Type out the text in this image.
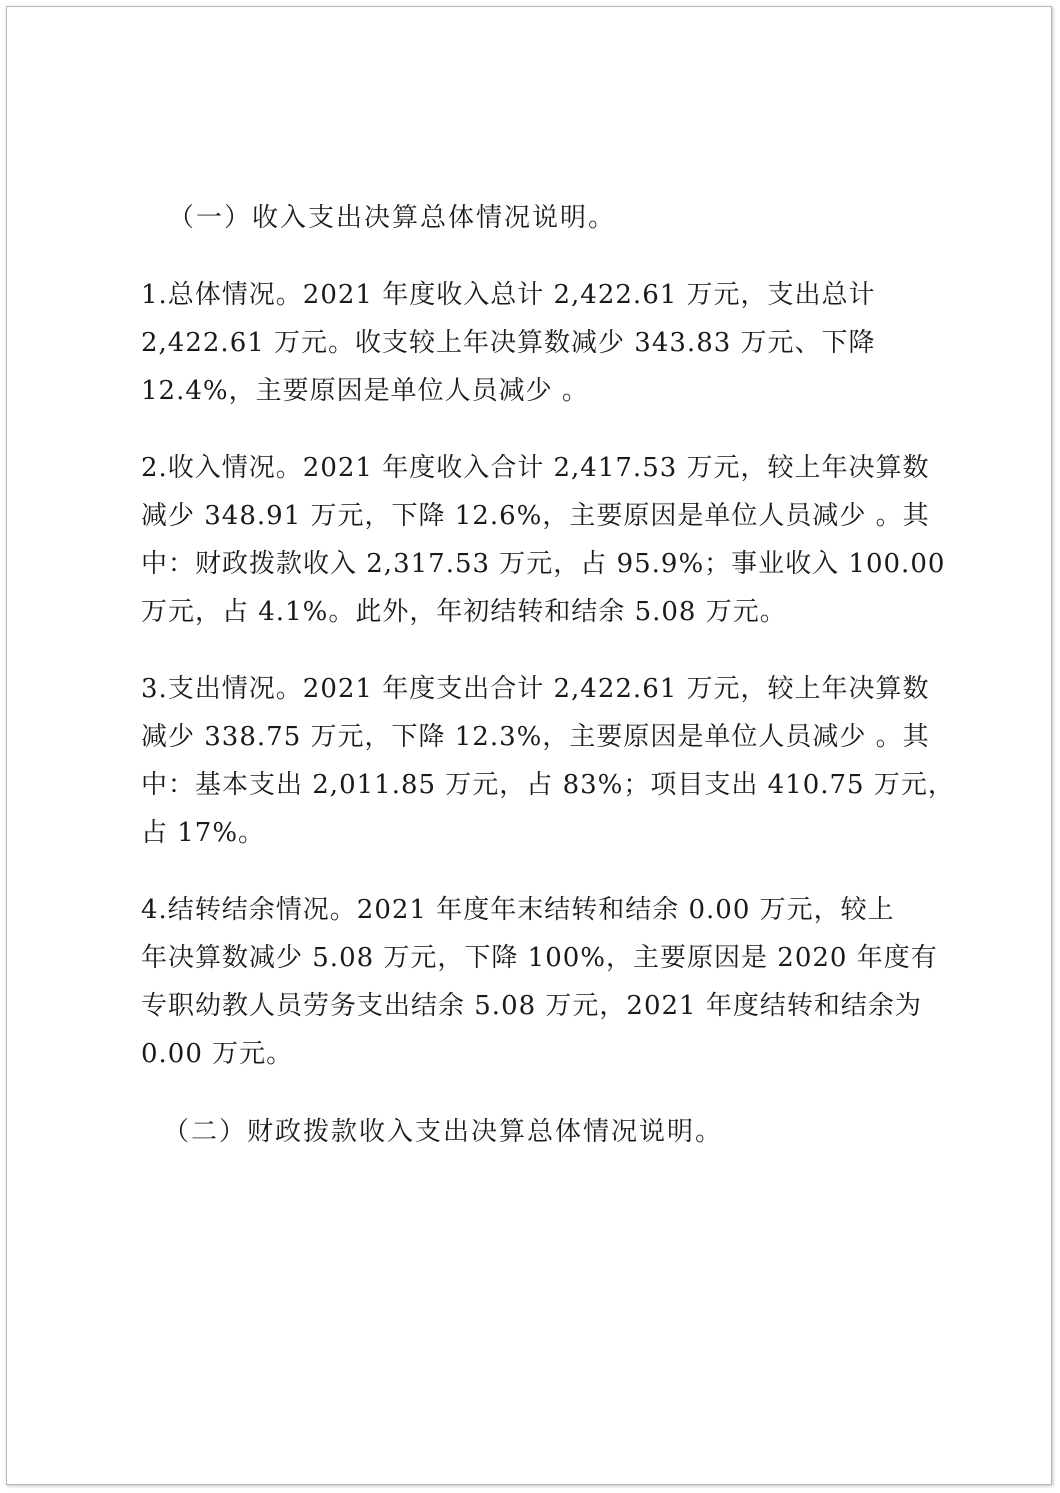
（一）收入支出决算总体情况说明。
1.总体情况。2021 年度收入总计 2,422.61 万元，支出总计
2,422.61 万元。收支较上年决算数减少 343.83 万元、下降
12.4%，主要原因是单位人员减少 。
2.收入情况。2021 年度收入合计 2,417.53 万元，较上年决算数
减少 348.91 万元，下降 12.6%，主要原因是单位人员减少 。其
中：财政拨款收入 2,317.53 万元，占 95.9%；事业收入 100.00
万元，占 4.1%。此外，年初结转和结余 5.08 万元。
3.支出情况。2021 年度支出合计 2,422.61 万元，较上年决算数
减少 338.75 万元，下降 12.3%，主要原因是单位人员减少 。其
中：基本支出 2,011.85 万元，占 83%；项目支出 410.75 万元，
占 17%。
4.结转结余情况。2021 年度年末结转和结余 0.00 万元，较上
年决算数减少 5.08 万元，下降 100%，主要原因是 2020 年度有
专职幼教人员劳务支出结余 5.08 万元，2021 年度结转和结余为
0.00 万元。
（二）财政拨款收入支出决算总体情况说明。
